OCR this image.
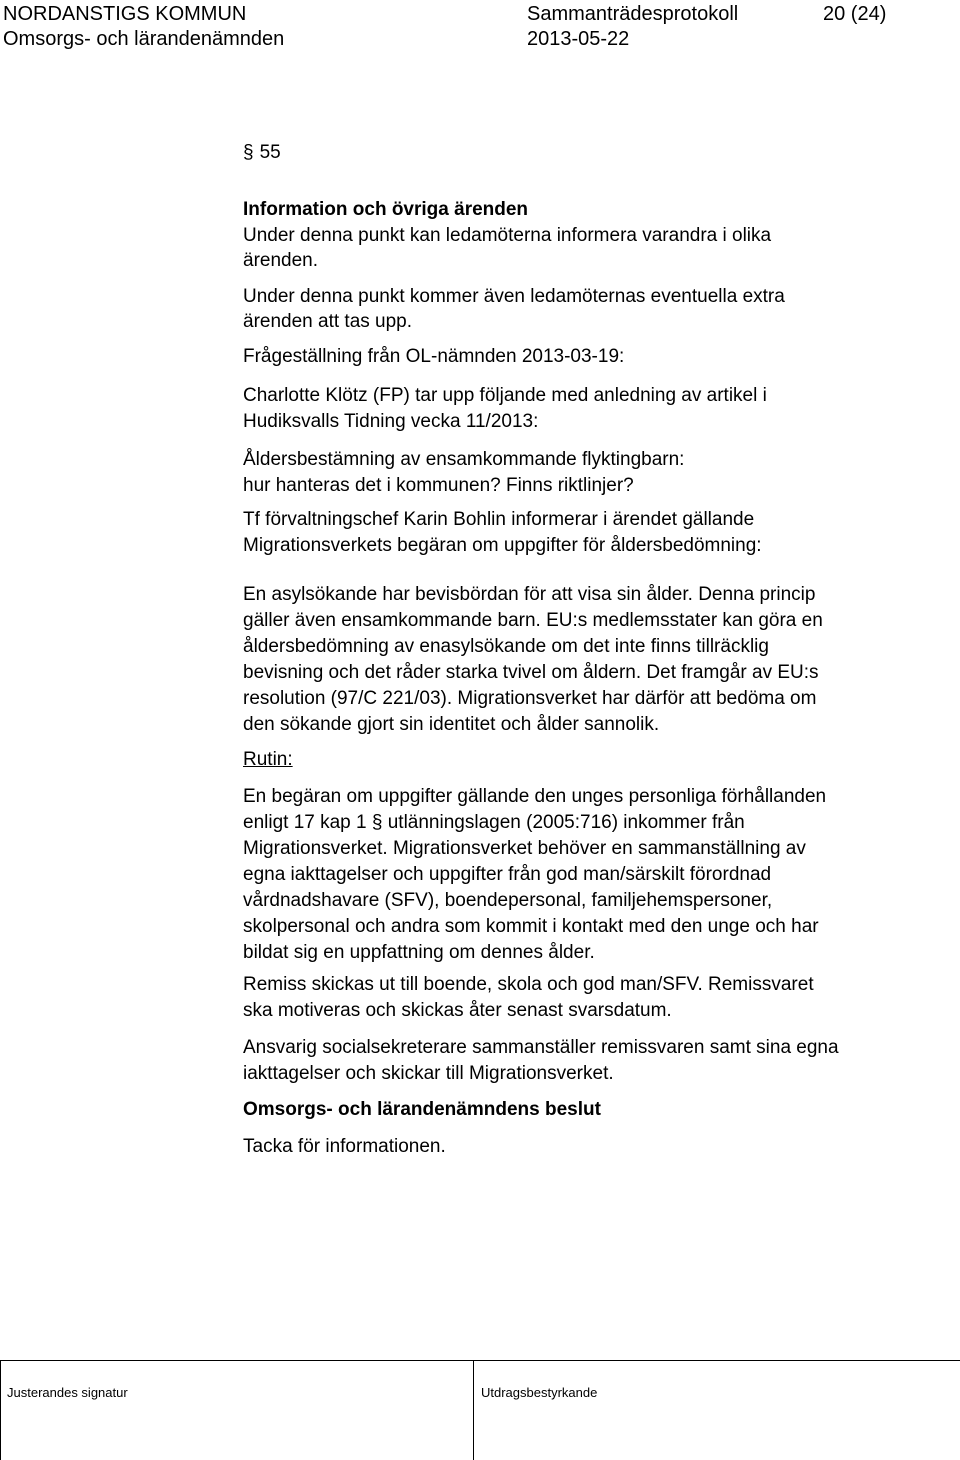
NORDANSTIGS KOMMUN
Omsorgs- och lärandenämnden
Sammanträdesprotokoll
2013-05-22
20 (24)
§ 55

Information och övriga ärenden

Under denna punkt kan ledamöterna informera varandra i olika
ärenden.

Under denna punkt kommer även ledamöternas eventuella extra
ärenden att tas upp.

Frågeställning från OL-nämnden 2013-03-19:

Charlotte Klötz (FP) tar upp följande med anledning av artikel i
Hudiksvalls Tidning vecka 11/2013:

Åldersbestämning av ensamkommande flyktingbarn:
hur hanteras det i kommunen? Finns riktlinjer?

Tf förvaltningschef Karin Bohlin informerar i ärendet gällande
Migrationsverkets begäran om uppgifter för åldersbedömning:

En asylsökande har bevisbördan för att visa sin ålder. Denna princip
gäller även ensamkommande barn. EU:s medlemsstater kan göra en
åldersbedömning av enasylsökande om det inte finns tillräcklig
bevisning och det råder starka tvivel om åldern. Det framgår av EU:s
resolution (97/C 221/03). Migrationsverket har därför att bedöma om
den sökande gjort sin identitet och ålder sannolik.

Rutin:

En begäran om uppgifter gällande den unges personliga förhållanden
enligt 17 kap 1 § utlänningslagen (2005:716) inkommer från
Migrationsverket. Migrationsverket behöver en sammanställning av
egna iakttagelser och uppgifter från god man/särskilt förordnad
vårdnadshavare (SFV), boendepersonal, familjehemspersoner,
skolpersonal och andra som kommit i kontakt med den unge och har
bildat sig en uppfattning om dennes ålder.

Remiss skickas ut till boende, skola och god man/SFV. Remissvaret
ska motiveras och skickas åter senast svarsdatum.

Ansvarig socialsekreterare sammanställer remissvaren samt sina egna
iakttagelser och skickar till Migrationsverket.

Omsorgs- och lärandenämndens beslut

Tacka för informationen.

Justerandes signatur	Utdragsbestyrkande
